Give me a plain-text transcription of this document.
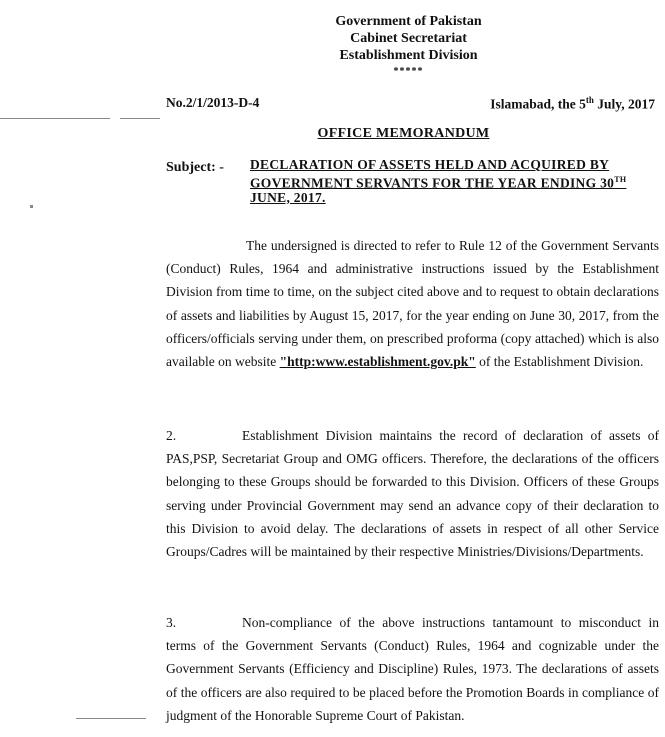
Government of Pakistan
Cabinet Secretariat
Establishment Division
*****
No.2/1/2013-D-4	Islamabad, the 5th July, 2017
OFFICE MEMORANDUM
Subject: - DECLARATION OF ASSETS HELD AND ACQUIRED BY GOVERNMENT SERVANTS FOR THE YEAR ENDING 30TH JUNE, 2017.
The undersigned is directed to refer to Rule 12 of the Government Servants (Conduct) Rules, 1964 and administrative instructions issued by the Establishment Division from time to time, on the subject cited above and to request to obtain declarations of assets and liabilities by August 15, 2017, for the year ending on June 30, 2017, from the officers/officials serving under them, on prescribed proforma (copy attached) which is also available on website "http:www.establishment.gov.pk" of the Establishment Division.
2.	Establishment Division maintains the record of declaration of assets of PAS,PSP, Secretariat Group and OMG officers. Therefore, the declarations of the officers belonging to these Groups should be forwarded to this Division. Officers of these Groups serving under Provincial Government may send an advance copy of their declaration to this Division to avoid delay. The declarations of assets in respect of all other Service Groups/Cadres will be maintained by their respective Ministries/Divisions/Departments.
3.	Non-compliance of the above instructions tantamount to misconduct in terms of the Government Servants (Conduct) Rules, 1964 and cognizable under the Government Servants (Efficiency and Discipline) Rules, 1973. The declarations of assets of the officers are also required to be placed before the Promotion Boards in compliance of judgment of the Honorable Supreme Court of Pakistan.
